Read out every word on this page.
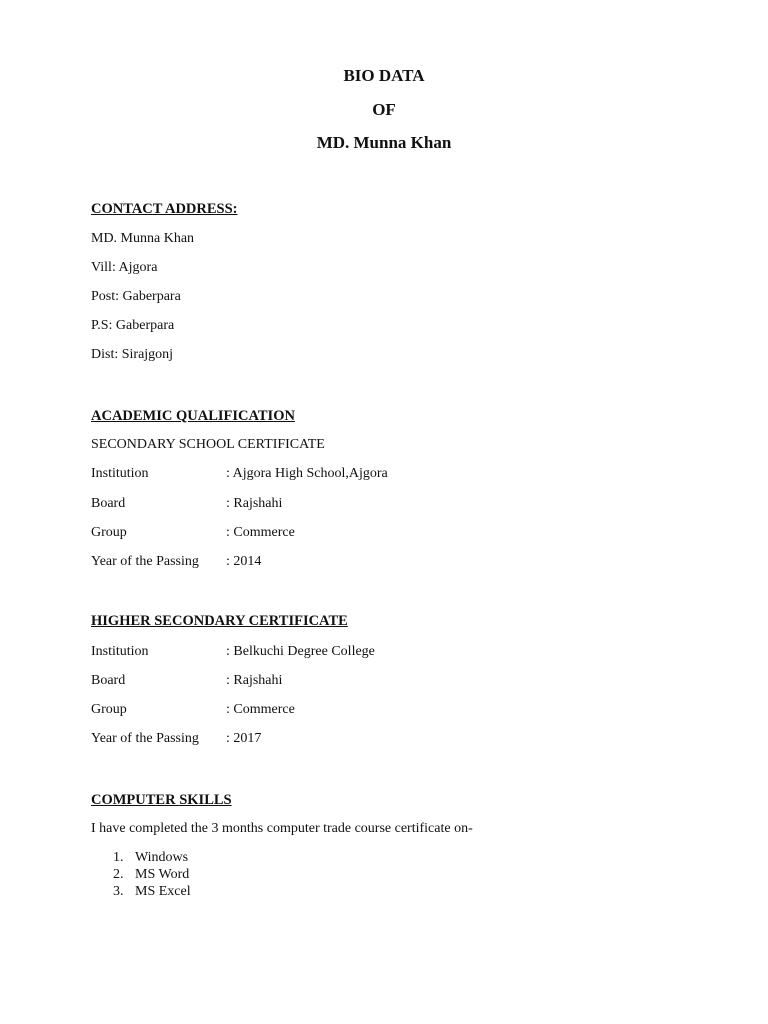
BIO DATA
OF
MD. Munna Khan
CONTACT ADDRESS:
MD. Munna Khan
Vill: Ajgora
Post: Gaberpara
P.S: Gaberpara
Dist: Sirajgonj
ACADEMIC QUALIFICATION
SECONDARY SCHOOL CERTIFICATE
Institution	: Ajgora High School,Ajgora
Board	: Rajshahi
Group	: Commerce
Year of the Passing : 2014
HIGHER SECONDARY CERTIFICATE
Institution	: Belkuchi Degree College
Board	: Rajshahi
Group	: Commerce
Year of the Passing : 2017
COMPUTER SKILLS
I have completed the 3 months computer trade course certificate on-
1. Windows
2. MS Word
3. MS Excel
